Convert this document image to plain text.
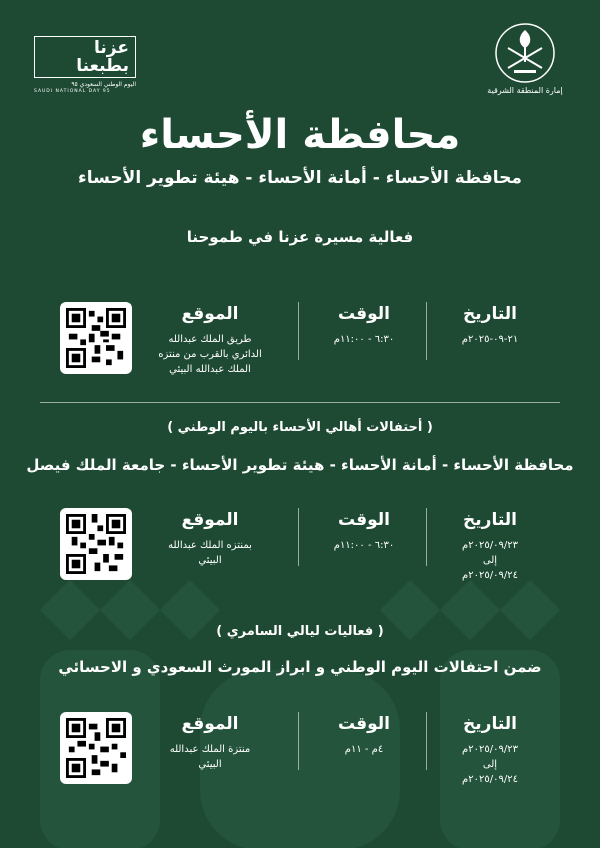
عزنا بطبعنا
اليوم الوطني السعودي ٩٥
SAUDI NATIONAL DAY 95	إمارة المنطقة الشرقية
محافظة الأحساء
محافظة الأحساء - أمانة الأحساء - هيئة تطوير الأحساء
فعالية مسيرة عزنا في طموحنا
التاريخ
٢١-٠٩-٢٠٢٥م
الوقت
٦:٣٠ - ١١:٠٠م
الموقع
طريق الملك عبدالله
الدائري بالقرب من منتزه
الملك عبدالله البيئي
( أحتفالات أهالي الأحساء باليوم الوطني )
محافظة الأحساء - أمانة الأحساء - هيئة تطوير الأحساء - جامعة الملك فيصل
التاريخ
٢٠٢٥/٠٩/٢٣م
إلى
٢٠٢٥/٠٩/٢٤م
الوقت
٦:٣٠ - ١١:٠٠م
الموقع
بمنتزه الملك عبدالله
البيئي
( فعاليات ليالي السامري )
ضمن احتفالات اليوم الوطني و ابراز المورث السعودي و الاحسائي
التاريخ
٢٠٢٥/٠٩/٢٣م
إلى
٢٠٢٥/٠٩/٢٤م
الوقت
٤م - ١١م
الموقع
منتزة الملك عبدالله
البيئي
